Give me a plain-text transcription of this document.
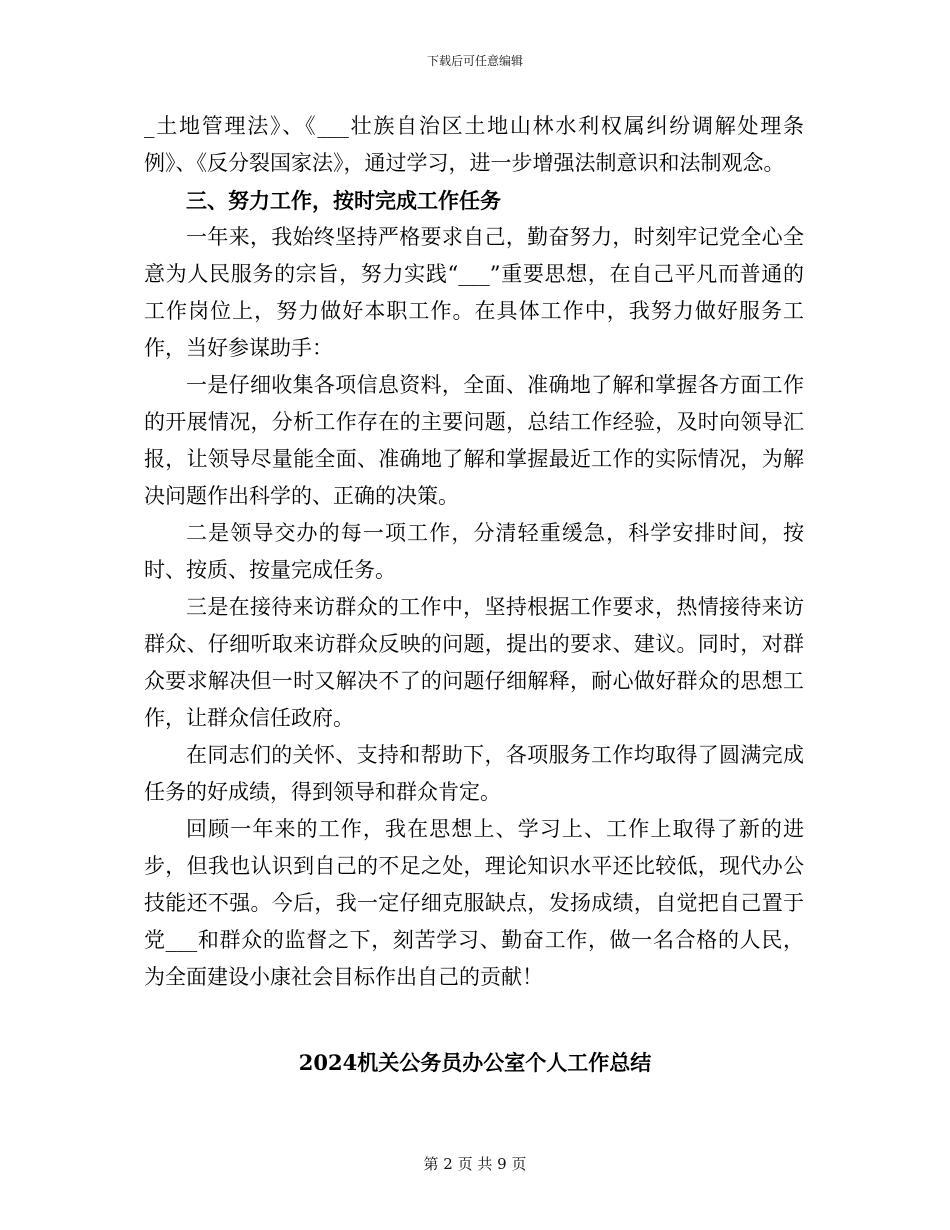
下载后可任意编辑

_土地管理法》、《___壮族自治区土地山林水利权属纠纷调解处理条例》、《反分裂国家法》，通过学习，进一步增强法制意识和法制观念。

三、努力工作，按时完成工作任务

一年来，我始终坚持严格要求自己，勤奋努力，时刻牢记党全心全意为人民服务的宗旨，努力实践“___”重要思想，在自己平凡而普通的工作岗位上，努力做好本职工作。在具体工作中，我努力做好服务工作，当好参谋助手：

一是仔细收集各项信息资料，全面、准确地了解和掌握各方面工作的开展情况，分析工作存在的主要问题，总结工作经验，及时向领导汇报，让领导尽量能全面、准确地了解和掌握最近工作的实际情况，为解决问题作出科学的、正确的决策。

二是领导交办的每一项工作，分清轻重缓急，科学安排时间，按时、按质、按量完成任务。

三是在接待来访群众的工作中，坚持根据工作要求，热情接待来访群众、仔细听取来访群众反映的问题，提出的要求、建议。同时，对群众要求解决但一时又解决不了的问题仔细解释，耐心做好群众的思想工作，让群众信任政府。

在同志们的关怀、支持和帮助下，各项服务工作均取得了圆满完成任务的好成绩，得到领导和群众肯定。

回顾一年来的工作，我在思想上、学习上、工作上取得了新的进步，但我也认识到自己的不足之处，理论知识水平还比较低，现代办公技能还不强。今后，我一定仔细克服缺点，发扬成绩，自觉把自己置于党___和群众的监督之下，刻苦学习、勤奋工作，做一名合格的人民，为全面建设小康社会目标作出自己的贡献！

2024机关公务员办公室个人工作总结
第 2 页 共 9 页
